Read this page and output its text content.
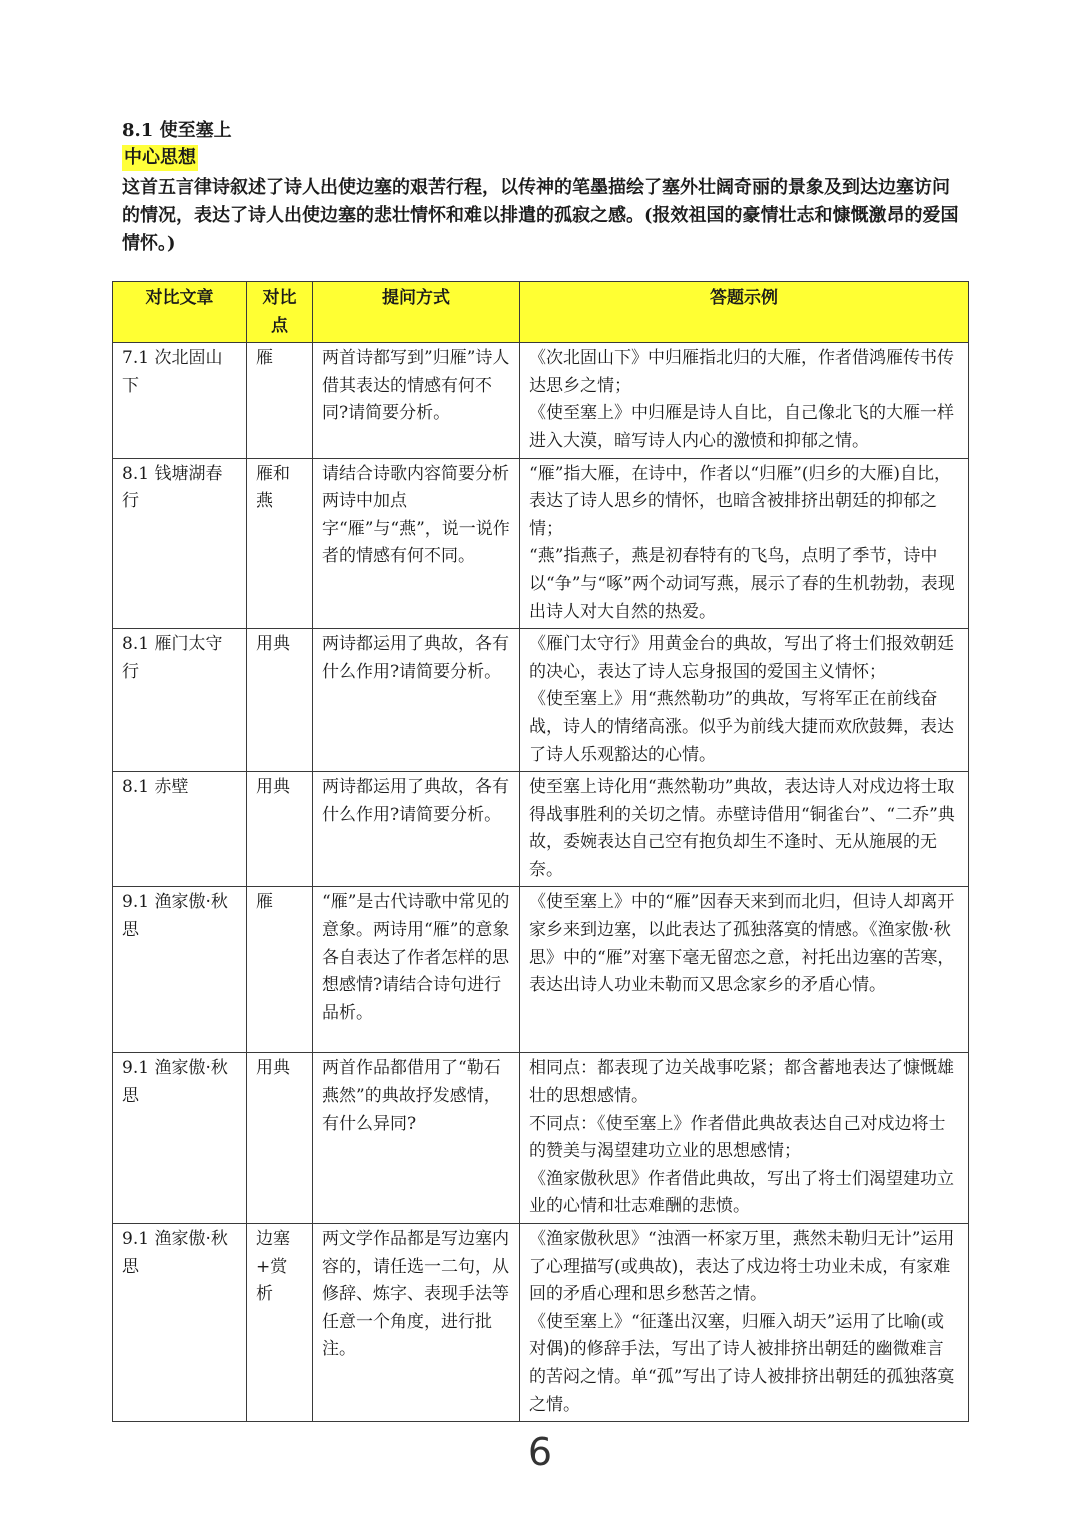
8.1 使至塞上
中心思想

这首五言律诗叙述了诗人出使边塞的艰苦行程，以传神的笔墨描绘了塞外壮阔奇丽的景象及到达边塞访问的情况，表达了诗人出使边塞的悲壮情怀和难以排遣的孤寂之感。(报效祖国的豪情壮志和慷慨激昂的爱国情怀。)

对比文章	对比点	提问方式	答题示例
7.1 次北固山下	雁	两首诗都写到”归雁”诗人借其表达的情感有何不同?请简要分析。	《次北固山下》中归雁指北归的大雁，作者借鸿雁传书传达思乡之情；

《使至塞上》中归雁是诗人自比，自己像北飞的大雁一样进入大漠，暗写诗人内心的激愤和抑郁之情。

8.1 钱塘湖春行	雁和燕	请结合诗歌内容简要分析两诗中加点字“雁”与“燕”，说一说作者的情感有何不同。	“雁”指大雁，在诗中，作者以“归雁”(归乡的大雁)自比，表达了诗人思乡的情怀，也暗含被排挤出朝廷的抑郁之情；

“燕”指燕子，燕是初春特有的飞鸟，点明了季节，诗中以“争”与“啄”两个动词写燕，展示了春的生机勃勃，表现出诗人对大自然的热爱。

8.1 雁门太守行	用典	两诗都运用了典故，各有什么作用?请简要分析。	《雁门太守行》用黄金台的典故，写出了将士们报效朝廷的决心，表达了诗人忘身报国的爱国主义情怀；

《使至塞上》用“燕然勒功”的典故，写将军正在前线奋战，诗人的情绪高涨。似乎为前线大捷而欢欣鼓舞，表达了诗人乐观豁达的心情。

8.1 赤壁	用典	两诗都运用了典故，各有什么作用?请简要分析。	使至塞上诗化用“燕然勒功”典故，表达诗人对戍边将士取得战事胜利的关切之情。赤壁诗借用“铜雀台”、“二乔”典故，委婉表达自己空有抱负却生不逢时、无从施展的无奈。

9.1 渔家傲·秋思	雁	“雁”是古代诗歌中常见的意象。两诗用“雁”的意象各自表达了作者怎样的思想感情?请结合诗句进行品析。	《使至塞上》中的“雁”因春天来到而北归，但诗人却离开家乡来到边塞，以此表达了孤独落寞的情感。《渔家傲·秋思》中的“雁”对塞下毫无留恋之意，衬托出边塞的苦寒，表达出诗人功业未勒而又思念家乡的矛盾心情。

9.1 渔家傲·秋思	用典	两首作品都借用了“勒石燕然”的典故抒发感情，有什么异同?	相同点：都表现了边关战事吃紧；都含蓄地表达了慷慨雄壮的思想感情。

不同点：《使至塞上》作者借此典故表达自己对戍边将士的赞美与渴望建功立业的思想感情；

《渔家傲秋思》作者借此典故，写出了将士们渴望建功立业的心情和壮志难酬的悲愤。

9.1 渔家傲·秋思	边塞+赏析	两文学作品都是写边塞内容的，请任选一二句，从修辞、炼字、表现手法等任意一个角度，进行批注。	《渔家傲秋思》“浊酒一杯家万里，燕然未勒归无计”运用了心理描写(或典故)，表达了戍边将士功业未成，有家难回的矛盾心理和思乡愁苦之情。

《使至塞上》“征蓬出汉塞，归雁入胡天”运用了比喻(或对偶)的修辞手法，写出了诗人被排挤出朝廷的幽微难言的苦闷之情。单“孤”写出了诗人被排挤出朝廷的孤独落寞之情。

6
